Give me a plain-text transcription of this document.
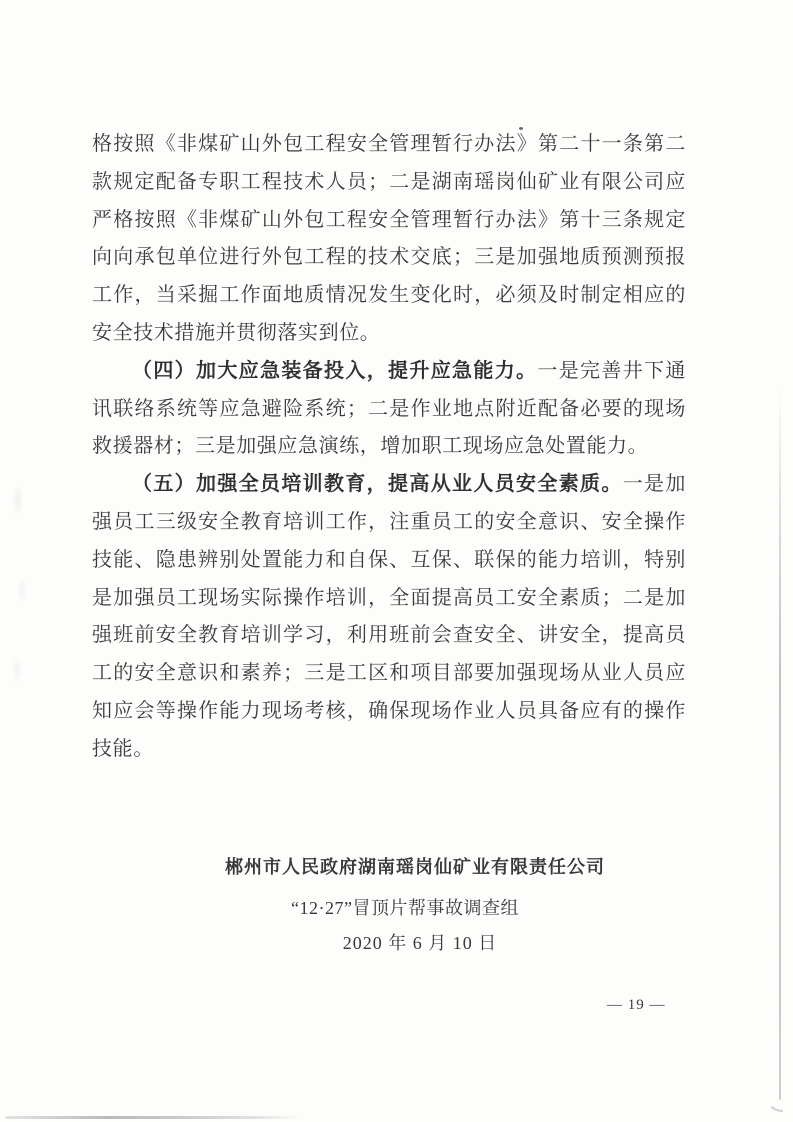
格按照《非煤矿山外包工程安全管理暂行办法》第二十一条第二款规定配备专职工程技术人员；二是湖南瑶岗仙矿业有限公司应严格按照《非煤矿山外包工程安全管理暂行办法》第十三条规定向向承包单位进行外包工程的技术交底；三是加强地质预测预报工作，当采掘工作面地质情况发生变化时，必须及时制定相应的安全技术措施并贯彻落实到位。

（四）加大应急装备投入，提升应急能力。一是完善井下通讯联络系统等应急避险系统；二是作业地点附近配备必要的现场救援器材；三是加强应急演练，增加职工现场应急处置能力。

（五）加强全员培训教育，提高从业人员安全素质。一是加强员工三级安全教育培训工作，注重员工的安全意识、安全操作技能、隐患辨别处置能力和自保、互保、联保的能力培训，特别是加强员工现场实际操作培训，全面提高员工安全素质；二是加强班前安全教育培训学习，利用班前会查安全、讲安全，提高员工的安全意识和素养；三是工区和项目部要加强现场从业人员应知应会等操作能力现场考核，确保现场作业人员具备应有的操作技能。

郴州市人民政府湖南瑶岗仙矿业有限责任公司
“12·27”冒顶片帮事故调查组
2020 年 6 月 10 日
— 19 —
